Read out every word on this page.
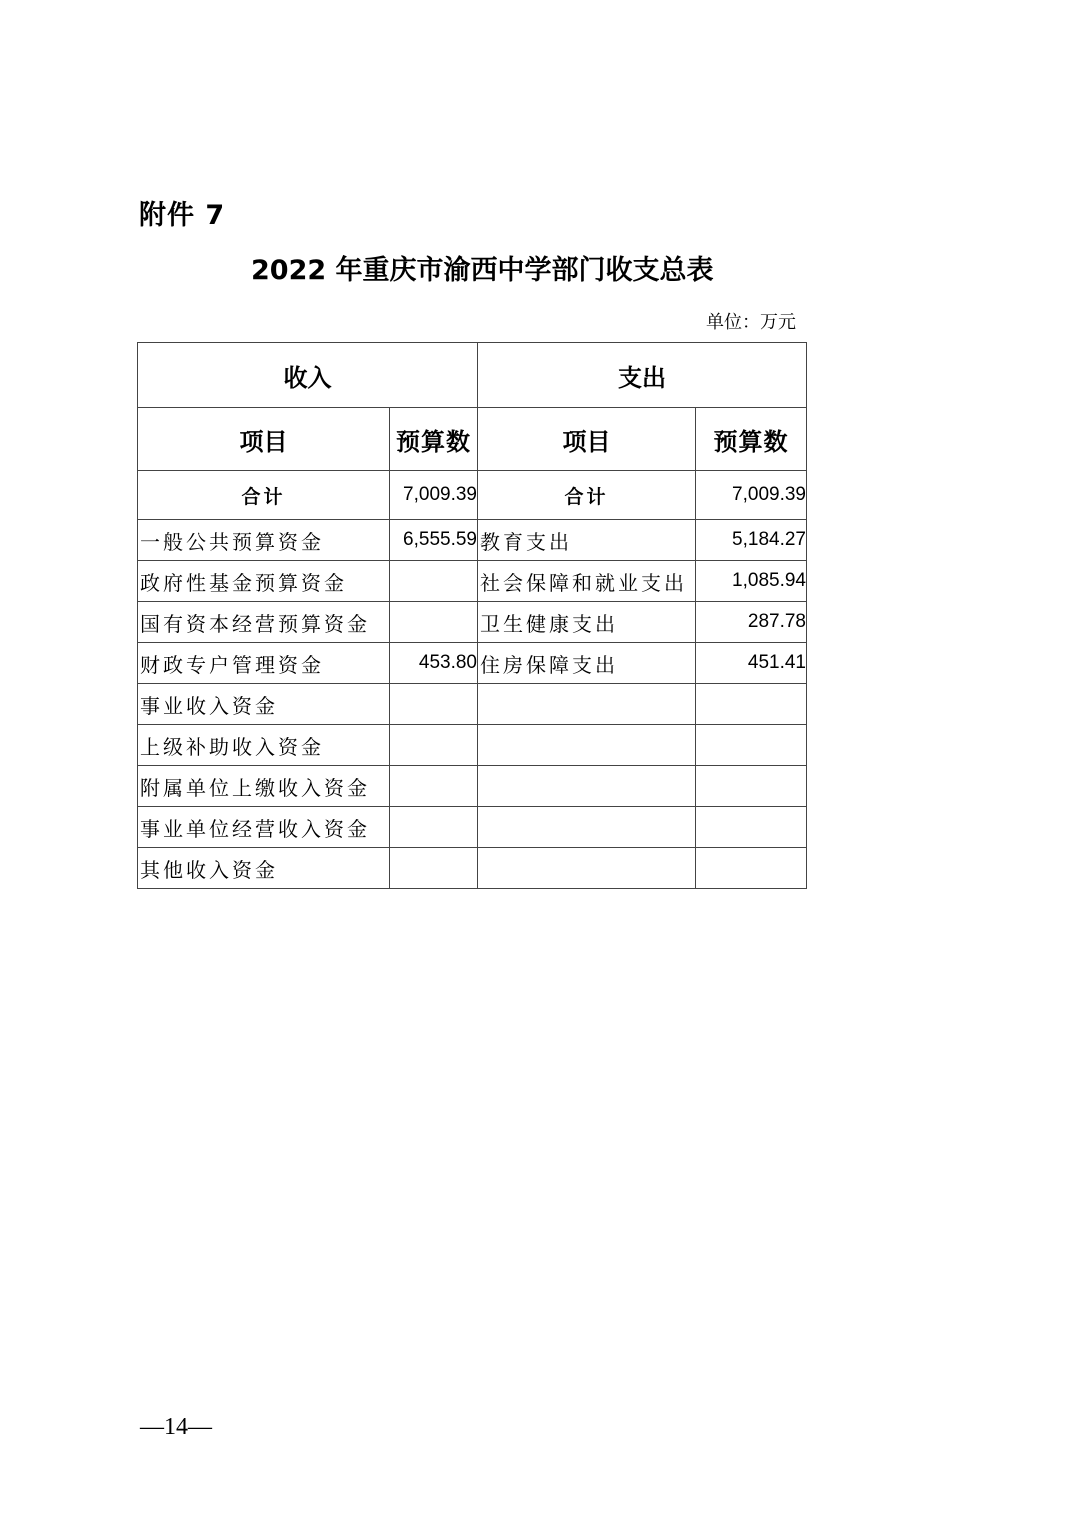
附件 7
2022 年重庆市渝西中学部门收支总表
单位：万元
收入		支出	
项目	预算数	项目	预算数
合计	7,009.39	合计	7,009.39
一般公共预算资金	6,555.59	教育支出	5,184.27
政府性基金预算资金		社会保障和就业支出	1,085.94
国有资本经营预算资金		卫生健康支出	287.78
财政专户管理资金	453.80	住房保障支出	451.41
事业收入资金			
上级补助收入资金			
附属单位上缴收入资金			
事业单位经营收入资金			
其他收入资金			
—14—
